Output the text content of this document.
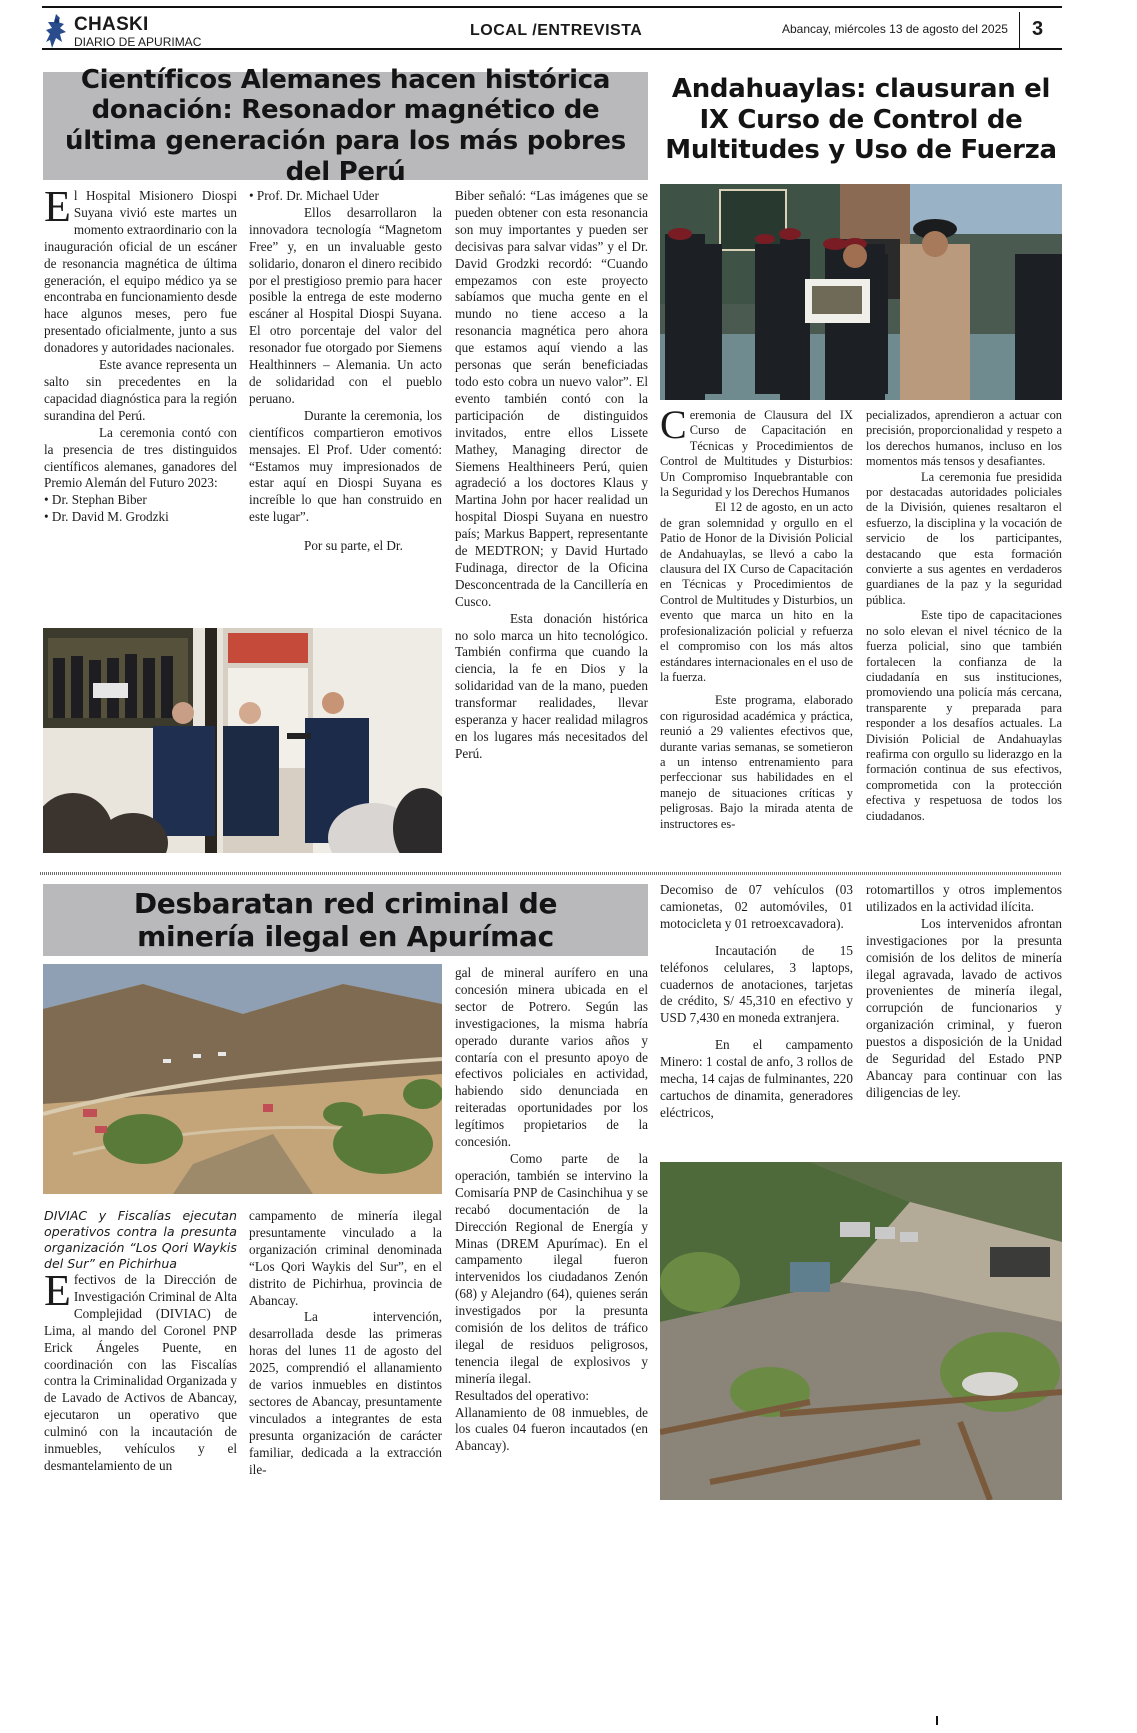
CHASKI
DIARIO DE APURIMAC
LOCAL /ENTREVISTA	Abancay, miércoles 13 de agosto del 2025 3
Científicos Alemanes hacen histórica donación: Resonador magnético de última generación para los más pobres del Perú

El Hospital Misionero Diospi Suyana vivió este martes un momento extraordinario con la inauguración oficial de un escáner de resonancia magnética de última generación, el equipo médico ya se encontraba en funcionamiento desde hace algunos meses, pero fue presentado oficialmente, junto a sus donadores y autoridades nacionales.

Este avance representa un salto sin precedentes en la capacidad diagnóstica para la región surandina del Perú.

La ceremonia contó con la presencia de tres distinguidos científicos alemanes, ganadores del Premio Alemán del Futuro 2023:

• Dr. Stephan Biber

• Dr. David M. Grodzki

• Prof. Dr. Michael Uder

Ellos desarrollaron la innovadora tecnología “Magnetom Free” y, en un invaluable gesto solidario, donaron el dinero recibido por el prestigioso premio para hacer posible la entrega de este moderno escáner al Hospital Diospi Suyana. El otro porcentaje del valor del resonador fue otorgado por Siemens Healthinners – Alemania. Un acto de solidaridad con el pueblo peruano.

Durante la ceremonia, los científicos compartieron emotivos mensajes. El Prof. Uder comentó: “Estamos muy impresionados de estar aquí en Diospi Suyana es increíble lo que han construido en este lugar”.

Por su parte, el Dr.

Biber señaló: “Las imágenes que se pueden obtener con esta resonancia son muy importantes y pueden ser decisivas para salvar vidas” y el Dr. David Grodzki recordó: “Cuando empezamos con este proyecto sabíamos que mucha gente en el mundo no tiene acceso a la resonancia magnética pero ahora que estamos aquí viendo a las personas que serán beneficiadas todo esto cobra un nuevo valor”. El evento también contó con la participación de distinguidos invitados, entre ellos Lissete Mathey, Managing director de Siemens Healthineers Perú, quien agradeció a los doctores Klaus y Martina John por hacer realidad un hospital Diospi Suyana en nuestro país; Markus Bappert, representante de MEDTRON; y David Hurtado Fudinaga, director de la Oficina Desconcentrada de la Cancillería en Cusco.

Esta donación histórica no solo marca un hito tecnológico. También confirma que cuando la ciencia, la fe en Dios y la solidaridad van de la mano, pueden transformar realidades, llevar esperanza y hacer realidad milagros en los lugares más necesitados del Perú.

Andahuaylas: clausuran el IX Curso de Control de Multitudes y Uso de Fuerza

Ceremonia de Clausura del IX Curso de Capacitación en Técnicas y Procedimientos de Control de Multitudes y Disturbios: Un Compromiso Inquebrantable con la Seguridad y los Derechos Humanos

El 12 de agosto, en un acto de gran solemnidad y orgullo en el Patio de Honor de la División Policial de Andahuaylas, se llevó a cabo la clausura del IX Curso de Capacitación en Técnicas y Procedimientos de Control de Multitudes y Disturbios, un evento que marca un hito en la profesionalización policial y refuerza el compromiso con los más altos estándares internacionales en el uso de la fuerza.

Este programa, elaborado con rigurosidad académica y práctica, reunió a 29 valientes efectivos que, durante varias semanas, se sometieron a un intenso entrenamiento para perfeccionar sus habilidades en el manejo de situaciones críticas y peligrosas. Bajo la mirada atenta de instructores es-

pecializados, aprendieron a actuar con precisión, proporcionalidad y respeto a los derechos humanos, incluso en los momentos más tensos y desafiantes.

La ceremonia fue presidida por destacadas autoridades policiales de la División, quienes resaltaron el esfuerzo, la disciplina y la vocación de servicio de los participantes, destacando que esta formación convierte a sus agentes en verdaderos guardianes de la paz y la seguridad pública.

Este tipo de capacitaciones no solo elevan el nivel técnico de la fuerza policial, sino que también fortalecen la confianza de la ciudadanía en sus instituciones, promoviendo una policía más cercana, transparente y preparada para responder a los desafíos actuales. La División Policial de Andahuaylas reafirma con orgullo su liderazgo en la formación continua de sus efectivos, comprometida con la protección efectiva y respetuosa de todos los ciudadanos.

Desbaratan red criminal de minería ilegal en Apurímac

DIVIAC y Fiscalías ejecutan operativos contra la presunta organización “Los Qori Waykis del Sur” en Pichirhua

Efectivos de la Dirección de Investigación Criminal de Alta Complejidad (DIVIAC) de Lima, al mando del Coronel PNP Erick Ángeles Puente, en coordinación con las Fiscalías contra la Criminalidad Organizada y de Lavado de Activos de Abancay, ejecutaron un operativo que culminó con la incautación de inmuebles, vehículos y el desmantelamiento de un

campamento de minería ilegal presuntamente vinculado a la organización criminal denominada “Los Qori Waykis del Sur”, en el distrito de Pichirhua, provincia de Abancay.

La intervención, desarrollada desde las primeras horas del lunes 11 de agosto del 2025, comprendió el allanamiento de varios inmuebles en distintos sectores de Abancay, presuntamente vinculados a integrantes de esta presunta organización de carácter familiar, dedicada a la extracción ile-

gal de mineral aurífero en una concesión minera ubicada en el sector de Potrero. Según las investigaciones, la misma habría operado durante varios años y contaría con el presunto apoyo de efectivos policiales en actividad, habiendo sido denunciada en reiteradas oportunidades por los legítimos propietarios de la concesión.

Como parte de la operación, también se intervino la Comisaría PNP de Casinchihua y se recabó documentación de la Dirección Regional de Energía y Minas (DREM Apurímac). En el campamento ilegal fueron intervenidos los ciudadanos Zenón (68) y Alejandro (64), quienes serán investigados por la presunta comisión de los delitos de tráfico ilegal de residuos peligrosos, tenencia ilegal de explosivos y minería ilegal.

Resultados del operativo:

Allanamiento de 08 inmuebles, de los cuales 04 fueron incautados (en Abancay).

Decomiso de 07 vehículos (03 camionetas, 02 automóviles, 01 motocicleta y 01 retroexcavadora).

Incautación de 15 teléfonos celulares, 3 laptops, cuadernos de anotaciones, tarjetas de crédito, S/ 45,310 en efectivo y USD 7,430 en moneda extranjera.

En el campamento Minero: 1 costal de anfo, 3 rollos de mecha, 14 cajas de fulminantes, 220 cartuchos de dinamita, generadores eléctricos,

rotomartillos y otros implementos utilizados en la actividad ilícita.

Los intervenidos afrontan investigaciones por la presunta comisión de los delitos de minería ilegal agravada, lavado de activos provenientes de minería ilegal, corrupción de funcionarios y organización criminal, y fueron puestos a disposición de la Unidad de Seguridad del Estado PNP Abancay para continuar con las diligencias de ley.
